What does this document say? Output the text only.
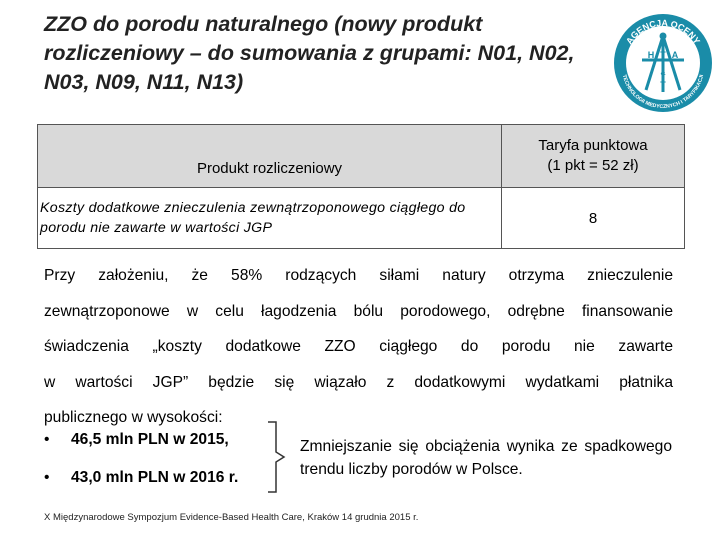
ZZO do porodu naturalnego (nowy produkt rozliczeniowy – do sumowania z grupami: N01, N02, N03, N09, N11, N13)
AGENCJA OCENY
TECHNOLOGII MEDYCZNYCH I TARYFIKACJI
H T A
&
T
Produkt rozliczeniowy	Taryfa punktowa
(1 pkt = 52 zł)

Koszty dodatkowe znieczulenia zewnątrzoponowego ciągłego do porodu nie zawarte w wartości JGP	8
Przy założeniu, że 58% rodzących siłami natury otrzyma znieczulenie
zewnątrzoponowe w celu łagodzenia bólu porodowego, odrębne finansowanie
świadczenia „koszty dodatkowe ZZO ciągłego do porodu nie zawarte
w wartości JGP” będzie się wiązało z dodatkowymi wydatkami płatnika
publicznego w wysokości:
• 46,5 mln PLN w 2015,
• 43,0 mln PLN w 2016 r.
Zmniejszanie się obciążenia wynika ze spadkowego trendu liczby porodów w Polsce.
X Międzynarodowe Sympozjum Evidence-Based Health Care, Kraków 14 grudnia 2015 r.
